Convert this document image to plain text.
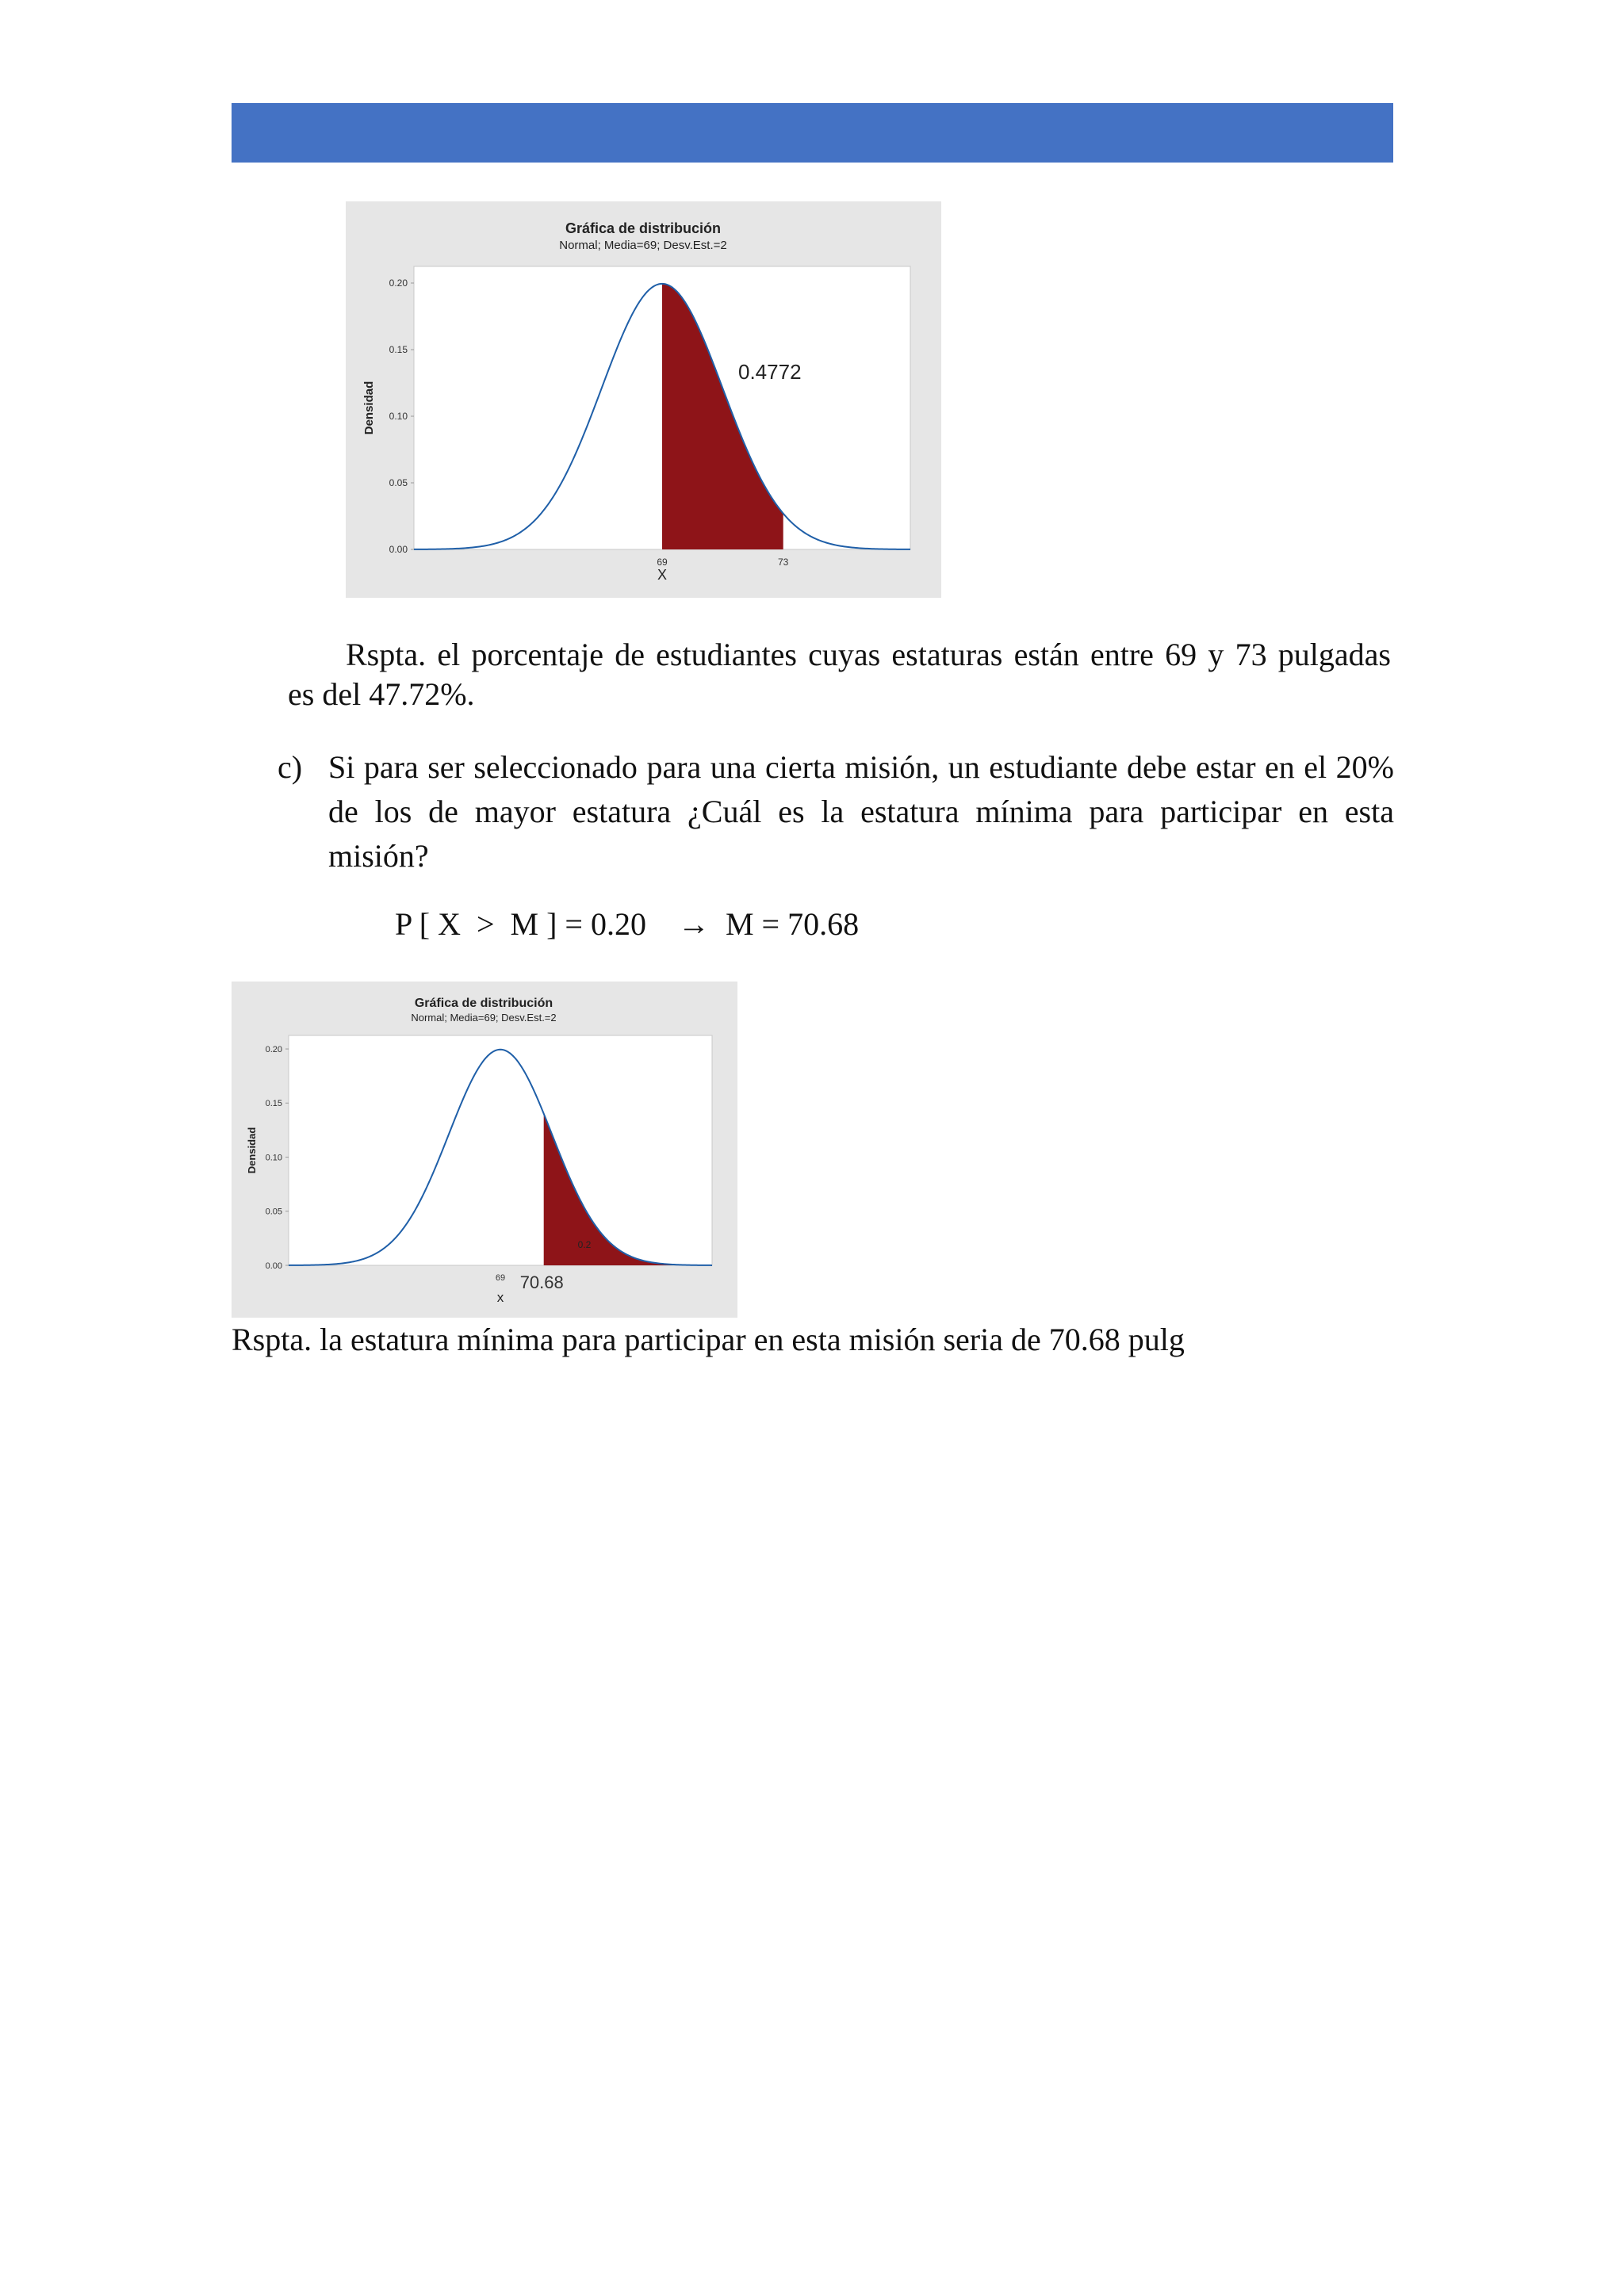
Gráfica de distribución
Normal; Media=69; Desv.Est.=2
0.00
0.05
0.10
0.15
0.20
Densidad
69	73
X
0.4772

Rspta. el porcentaje de estudiantes cuyas estaturas están entre 69 y 73 pulgadas

es del 47.72%.

c) Si para ser seleccionado para una cierta misión, un estudiante debe estar en el 20%
de los de mayor estatura ¿Cuál es la estatura mínima para participar en esta
misión?
P [ X  >  M ] = 0.20    →  M = 70.68
Gráfica de distribución
Normal; Media=69; Desv.Est.=2
0.00
0.05
0.10
0.15
0.20
Densidad
69 70.68
x
0.2

Rspta. la estatura mínima para participar en esta misión seria de 70.68 pulg
